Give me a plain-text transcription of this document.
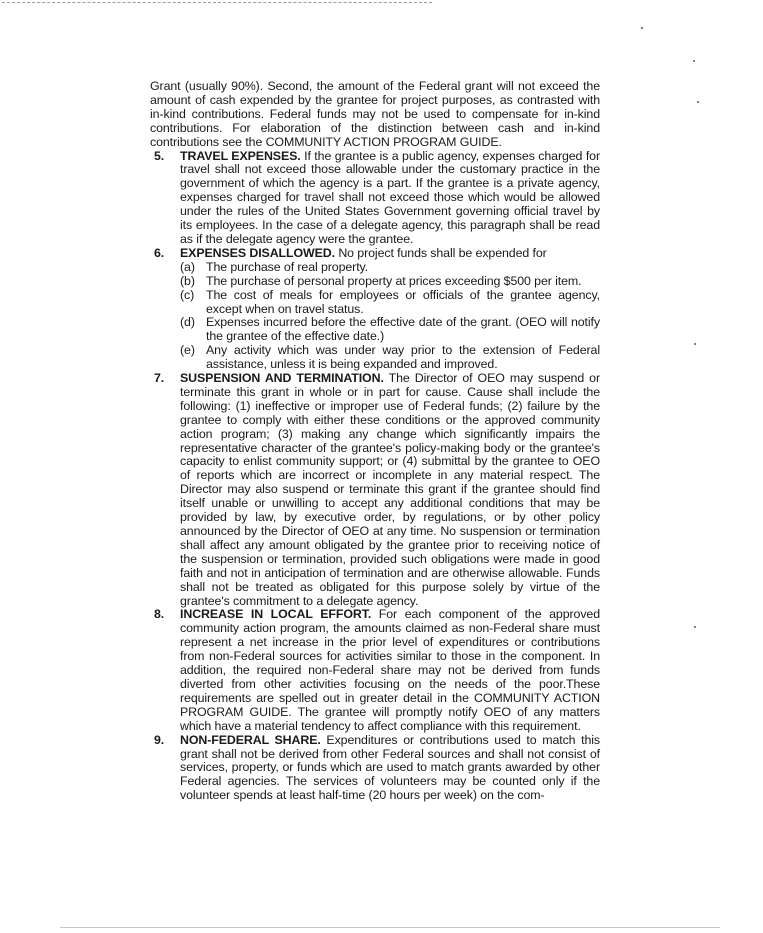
Grant (usually 90%). Second, the amount of the Federal grant will not exceed the amount of cash expended by the grantee for project purposes, as contrasted with in-kind contributions. Federal funds may not be used to compensate for in-kind contributions. For elaboration of the distinction between cash and in-kind contributions see the COMMUNITY ACTION PROGRAM GUIDE.

5. TRAVEL EXPENSES. If the grantee is a public agency, expenses charged for travel shall not exceed those allowable under the customary practice in the government of which the agency is a part. If the grantee is a private agency, expenses charged for travel shall not exceed those which would be allowed under the rules of the United States Government governing official travel by its employees. In the case of a delegate agency, this paragraph shall be read as if the delegate agency were the grantee.
6. EXPENSES DISALLOWED. No project funds shall be expended for
(a) The purchase of real property.
(b) The purchase of personal property at prices exceeding $500 per item.
(c) The cost of meals for employees or officials of the grantee agency, except when on travel status.
(d) Expenses incurred before the effective date of the grant. (OEO will notify the grantee of the effective date.)
(e) Any activity which was under way prior to the extension of Federal assistance, unless it is being expanded and improved.
7. SUSPENSION AND TERMINATION. The Director of OEO may suspend or terminate this grant in whole or in part for cause. Cause shall include the following: (1) ineffective or improper use of Federal funds; (2) failure by the grantee to comply with either these conditions or the approved community action program; (3) making any change which significantly impairs the representative character of the grantee's policy-making body or the grantee's capacity to enlist community support; or (4) submittal by the grantee to OEO of reports which are incorrect or incomplete in any material respect. The Director may also suspend or terminate this grant if the grantee should find itself unable or unwilling to accept any additional conditions that may be provided by law, by executive order, by regulations, or by other policy announced by the Director of OEO at any time. No suspension or termination shall affect any amount obligated by the grantee prior to receiving notice of the suspension or termination, provided such obligations were made in good faith and not in anticipation of termination and are otherwise allowable. Funds shall not be treated as obligated for this purpose solely by virtue of the grantee's commitment to a delegate agency.
8. INCREASE IN LOCAL EFFORT. For each component of the approved community action program, the amounts claimed as non-Federal share must represent a net increase in the prior level of expenditures or contributions from non-Federal sources for activities similar to those in the component. In addition, the required non-Federal share may not be derived from funds diverted from other activities focusing on the needs of the poor.These requirements are spelled out in greater detail in the COMMUNITY ACTION PROGRAM GUIDE. The grantee will promptly notify OEO of any matters which have a material tendency to affect compliance with this requirement.
9. NON-FEDERAL SHARE. Expenditures or contributions used to match this grant shall not be derived from other Federal sources and shall not consist of services, property, or funds which are used to match grants awarded by other Federal agencies. The services of volunteers may be counted only if the volunteer spends at least half-time (20 hours per week) on the com-
